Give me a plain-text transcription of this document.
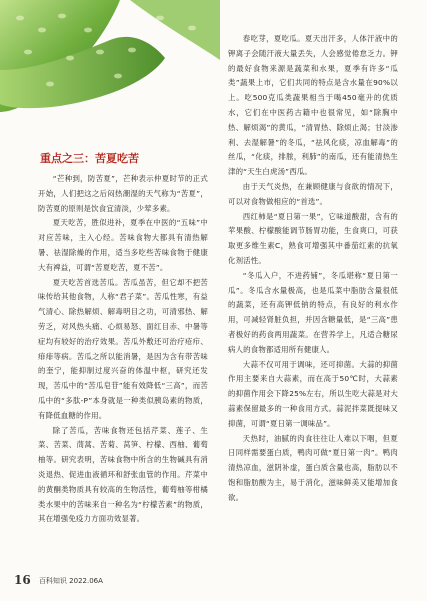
重点之三：苦夏吃苦

“芒种到，防苦夏”，芒种表示仲夏时节的正式开始，人们把这之后闷热潮湿的天气称为“苦夏”，防苦夏的原则是饮食宜清淡，少荤多素。

夏天吃苦，胜似进补，夏季在中医的“五味”中对应苦味，主入心经。苦味食物大都具有清热解暑、祛湿除燥的作用，适当多吃些苦味食物于健康大有裨益，可谓“苦夏吃苦，夏不苦”。

夏天吃苦首选苦瓜。苦瓜虽苦，但它却不把苦味传给其他食物，人称“君子菜”。苦瓜性寒，有益气清心、除热解烦、解毒明目之功，可清邪热、解劳乏，对风热头痛、心烦易怒、面红目赤、中暑等症均有较好的治疗效果。苦瓜外敷还可治疗疮疖、痱痱等病。苦瓜之所以能消暑，是因为含有带苦味的奎宁，能抑制过度兴奋的体温中枢，研究还发现，苦瓜中的“苦瓜皂苷”能有效降低“三高”，而苦瓜中的“多肽-P”本身就是一种类似胰岛素的物质，有降低血糖的作用。

除了苦瓜，苦味食物还包括芹菜、莲子、生菜、苦菜、茼蒿、苦菊、莴笋、柠檬、西柚、葡萄柚等。研究表明，苦味食物中所含的生物碱具有消炎退热、促进血液循环和舒张血管的作用。芹菜中的黄酮类物质具有较高的生物活性，葡萄柚等柑橘类水果中的苦味来自一种名为“柠檬苦素”的物质，其在增强免疫力方面功效显著。

春吃芽，夏吃瓜。夏天出汗多，人体汗液中的钾离子会随汗液大量丢失，人会感觉倦怠乏力。钾的最好食物来源是蔬菜和水果，夏季有许多“瓜类”蔬果上市，它们共同的特点是含水量在90%以上。吃500克瓜类蔬果相当于喝450毫升的优质水，它们在中医药古籍中也很常见，如“除胸中热、解烦渴”的黄瓜，“清胃热、除烦止渴；甘淡渗利、去湿解暑”的冬瓜，“祛风化痰，凉血解毒”的丝瓜，“化痰，排脓，利肺”的南瓜，还有能清热生津的“天生白虎汤”西瓜。

由于天气炎热，在兼顾健康与食欲的情况下，可以对食物做相应的“首选”。

西红柿是“夏日第一果”，它味道酸甜，含有的苹果酸、柠檬酸能调节肠胃功能，生食爽口，可获取更多维生素C，熟食可增强其中番茄红素的抗氧化剂活性。

“冬瓜入户，不进药铺”，冬瓜堪称“夏日第一瓜”。冬瓜含水量极高，也是瓜菜中脂肪含量很低的蔬菜，还有高钾低钠的特点，有良好的利水作用，可减轻肾脏负担，并因含糖量低，是“三高”患者极好的药食两用蔬菜。在营养学上，凡适合糖尿病人的食物都适用所有健康人。

大蒜不仅可用于调味，还可抑菌。大蒜的抑菌作用主要来自大蒜素，而在高于50℃时，大蒜素的抑菌作用会下降25%左右，所以生吃大蒜是对大蒜素保留最多的一种食用方式。蒜泥拌菜既提味又抑菌，可谓“夏日第一调味品”。

天热时，油腻的肉食往往让人难以下咽，但夏日同样需要蛋白质，鸭肉可做“夏日第一肉”。鸭肉清热凉血，滋阴补虚，蛋白质含量也高，脂肪以不饱和脂肪酸为主，易于消化，滋味鲜美又能增加食欲。

16 百科知识 2022.06A
